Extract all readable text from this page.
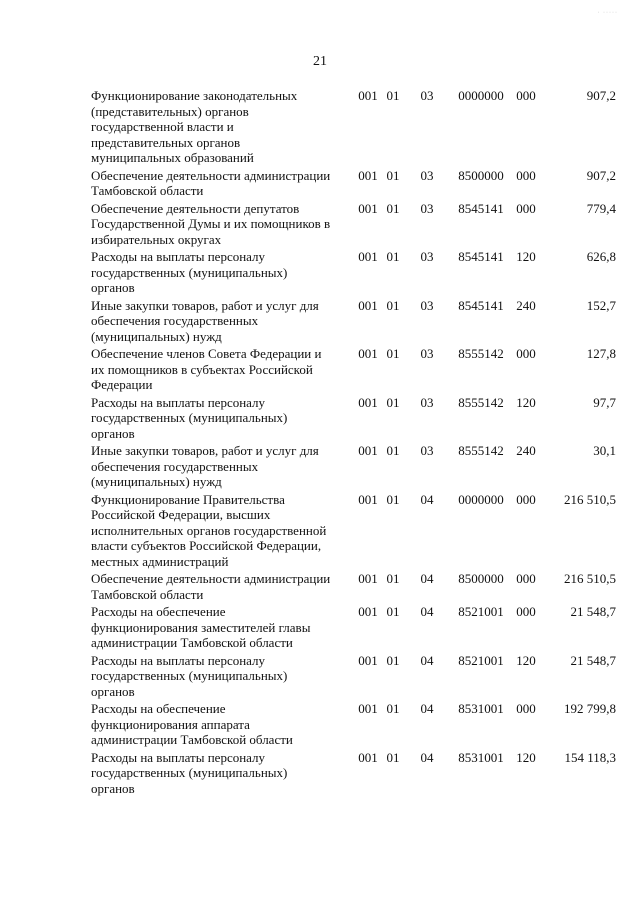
· ·····
21
Функционирование законодательных
(представительных) органов
государственной власти и
представительных органов
муниципальных образований	001	01	03	0000000	000	907,2

Обеспечение деятельности администрации
Тамбовской области	001	01	03	8500000	000	907,2

Обеспечение деятельности депутатов
Государственной Думы и их помощников в
избирательных округах	001	01	03	8545141	000	779,4

Расходы на выплаты персоналу
государственных (муниципальных)
органов	001	01	03	8545141	120	626,8

Иные закупки товаров, работ и услуг для
обеспечения государственных
(муниципальных) нужд	001	01	03	8545141	240	152,7

Обеспечение членов Совета Федерации и
их помощников в субъектах Российской
Федерации	001	01	03	8555142	000	127,8

Расходы на выплаты персоналу
государственных (муниципальных)
органов	001	01	03	8555142	120	97,7

Иные закупки товаров, работ и услуг для
обеспечения государственных
(муниципальных) нужд	001	01	03	8555142	240	30,1

Функционирование Правительства
Российской Федерации, высших
исполнительных органов государственной
власти субъектов Российской Федерации,
местных администраций	001	01	04	0000000	000	216 510,5

Обеспечение деятельности администрации
Тамбовской области	001	01	04	8500000	000	216 510,5

Расходы на обеспечение
функционирования заместителей главы
администрации Тамбовской области	001	01	04	8521001	000	21 548,7

Расходы на выплаты персоналу
государственных (муниципальных)
органов	001	01	04	8521001	120	21 548,7

Расходы на обеспечение
функционирования аппарата
администрации Тамбовской области	001	01	04	8531001	000	192 799,8

Расходы на выплаты персоналу
государственных (муниципальных)
органов	001	01	04	8531001	120	154 118,3
